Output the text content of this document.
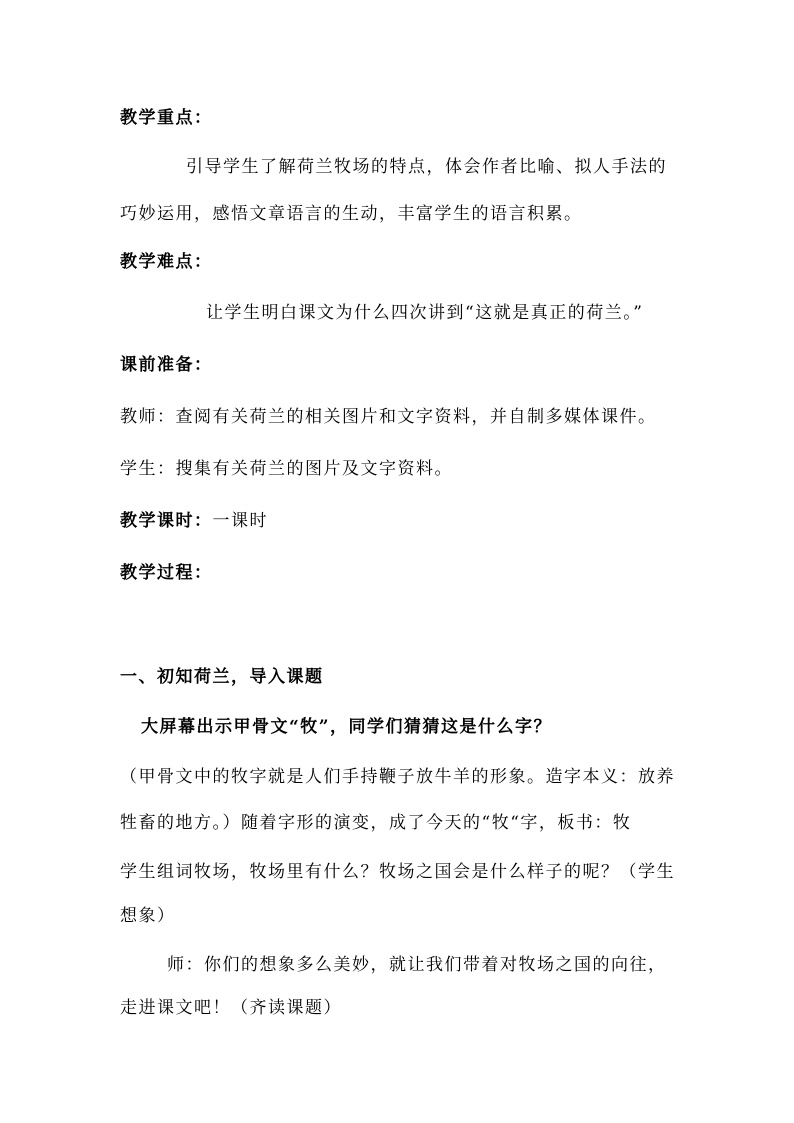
教学重点：
引导学生了解荷兰牧场的特点，体会作者比喻、拟人手法的
巧妙运用，感悟文章语言的生动，丰富学生的语言积累。
教学难点：
让学生明白课文为什么四次讲到“这就是真正的荷兰。”
课前准备：
教师：查阅有关荷兰的相关图片和文字资料，并自制多媒体课件。
学生：搜集有关荷兰的图片及文字资料。
教学课时：一课时
教学过程：
一、初知荷兰，导入课题
大屏幕出示甲骨文“牧”，同学们猜猜这是什么字？
（甲骨文中的牧字就是人们手持鞭子放牛羊的形象。造字本义：放养
牲畜的地方。）随着字形的演变，成了今天的“牧“字，板书：牧
学生组词牧场，牧场里有什么？牧场之国会是什么样子的呢？（学生
想象）
师：你们的想象多么美妙，就让我们带着对牧场之国的向往，
走进课文吧！（齐读课题）
